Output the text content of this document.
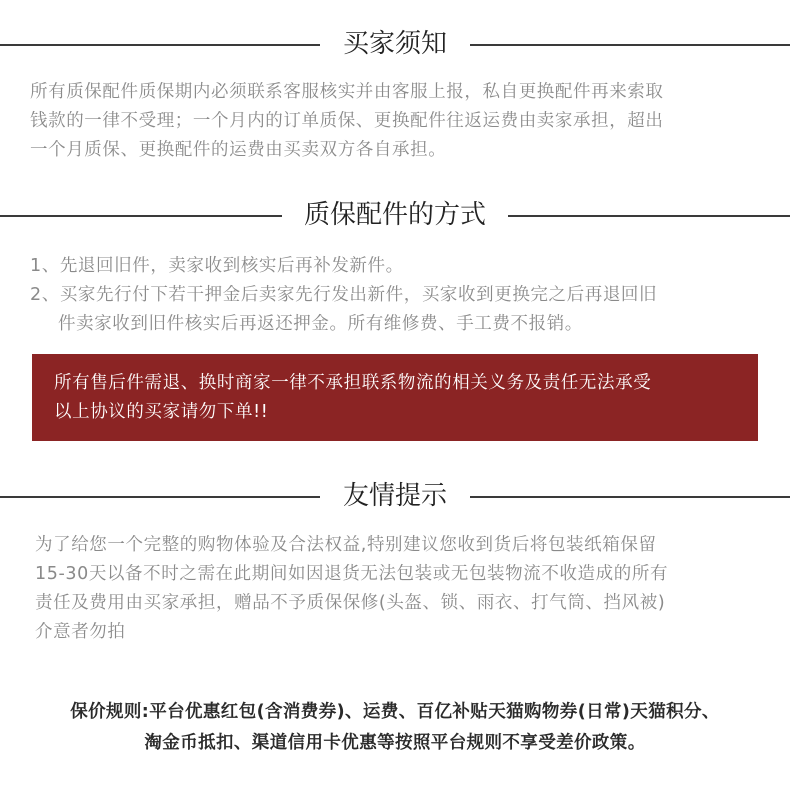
买家须知
所有质保配件质保期内必须联系客服核实并由客服上报，私自更换配件再来索取
钱款的一律不受理；一个月内的订单质保、更换配件往返运费由卖家承担，超出
一个月质保、更换配件的运费由买卖双方各自承担。
质保配件的方式
1、先退回旧件，卖家收到核实后再补发新件。
2、买家先行付下若干押金后卖家先行发出新件，买家收到更换完之后再退回旧
件卖家收到旧件核实后再返还押金。所有维修费、手工费不报销。
所有售后件需退、换时商家一律不承担联系物流的相关义务及责任无法承受
以上协议的买家请勿下单!!
友情提示
为了给您一个完整的购物体验及合法权益,特别建议您收到货后将包装纸箱保留
15-30天以备不时之需在此期间如因退货无法包装或无包装物流不收造成的所有
责任及费用由买家承担，赠品不予质保保修(头盔、锁、雨衣、打气筒、挡风被)
介意者勿拍
保价规则:平台优惠红包(含消费券)、运费、百亿补贴天猫购物券(日常)天猫积分、
淘金币抵扣、渠道信用卡优惠等按照平台规则不享受差价政策。
